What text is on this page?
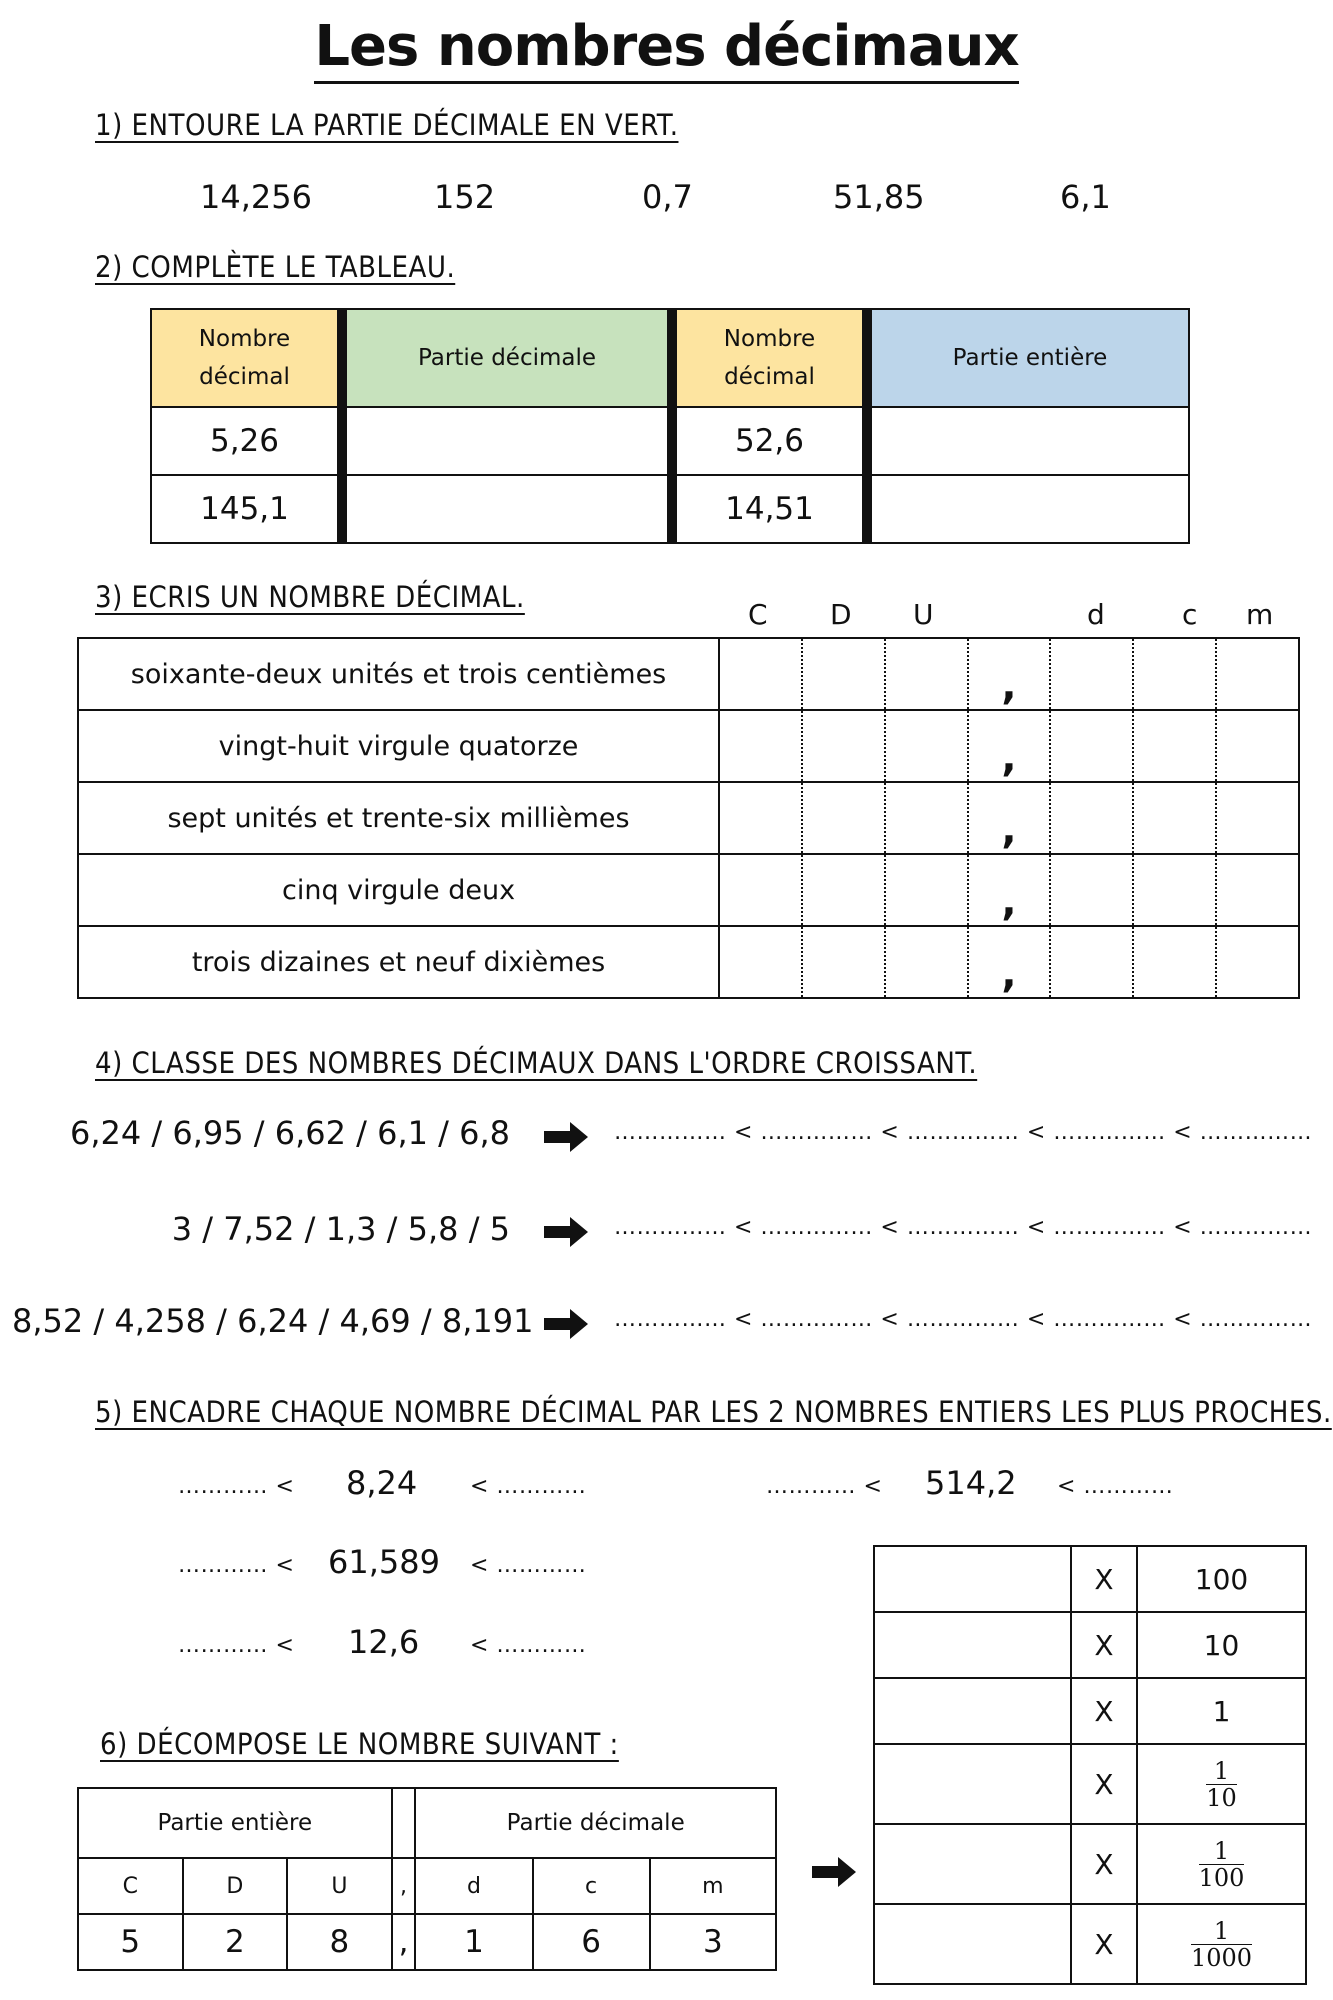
Les nombres décimaux
1) ENTOURE LA PARTIE DÉCIMALE EN VERT.
14,256	152	0,7	51,85	6,1
2) COMPLÈTE LE TABLEAU.
Nombre décimal	Partie décimale	Nombre décimal	Partie entière
5,26		52,6	
145,1		14,51	
3) ECRIS UN NOMBRE DÉCIMAL.
C D U	d	c m
soixante-deux unités et trois centièmes				,			
vingt-huit virgule quatorze				,			
sept unités et trente-six millièmes				,			
cinq virgule deux				,			
trois dizaines et neuf dixièmes				,			
4) CLASSE DES NOMBRES DÉCIMAUX DANS L'ORDRE CROISSANT.
6,24 / 6,95 / 6,62 / 6,1 / 6,8	…………… < …………… < …………… < …………… < ……………
3 / 7,52 / 1,3 / 5,8 / 5	…………… < …………… < …………… < …………… < ……………
8,52 / 4,258 / 6,24 / 4,69 / 8,191	…………… < …………… < …………… < …………… < ……………
5) ENCADRE CHAQUE NOMBRE DÉCIMAL PAR LES 2 NOMBRES ENTIERS LES PLUS PROCHES.
………… < 8,24 < …………	………… < 514,2 < …………
………… < 61,589 < …………
………… < 12,6 < …………
6) DÉCOMPOSE LE NOMBRE SUIVANT :
Partie entière				Partie décimale		
C	D	U	,	d	c	m
5	2	8	,	1	6	3
	X	100
	X	10
	X	1
	X	$\frac{1}{10}$

	X	$\frac{1}{100}$

	X	$\frac{1}{1000}$
